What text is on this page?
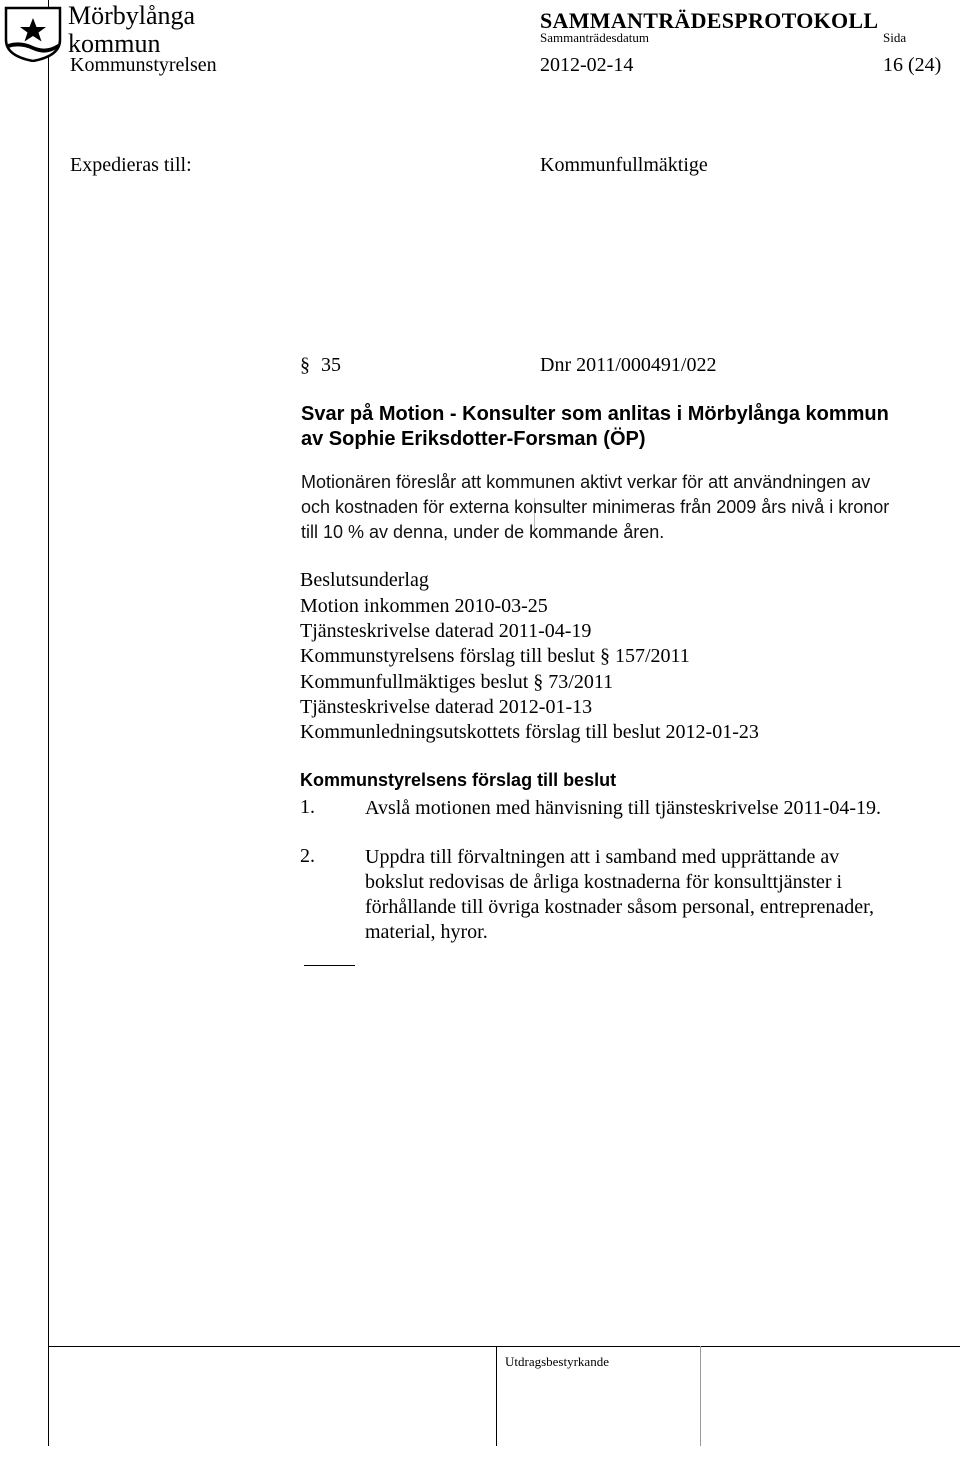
Mörbylånga
kommun
SAMMANTRÄDESPROTOKOLL
Sammanträdesdatum	Sida
Kommunstyrelsen	2012-02-14	16 (24)
Expedieras till:	Kommunfullmäktige
§ 35	Dnr 2011/000491/022
Svar på Motion - Konsulter som anlitas i Mörbylånga kommun
av Sophie Eriksdotter-Forsman (ÖP)
Motionären föreslår att kommunen aktivt verkar för att användningen av
och kostnaden för externa konsulter minimeras från 2009 års nivå i kronor
till 10 % av denna, under de kommande åren.
Beslutsunderlag
Motion inkommen 2010-03-25
Tjänsteskrivelse daterad 2011-04-19
Kommunstyrelsens förslag till beslut § 157/2011
Kommunfullmäktiges beslut § 73/2011
Tjänsteskrivelse daterad 2012-01-13
Kommunledningsutskottets förslag till beslut 2012-01-23
Kommunstyrelsens förslag till beslut
1.	Avslå motionen med hänvisning till tjänsteskrivelse 2011-04-19.
2.	Uppdra till förvaltningen att i samband med upprättande av
bokslut redovisas de årliga kostnaderna för konsulttjänster i
förhållande till övriga kostnader såsom personal, entreprenader,
material, hyror.
Utdragsbestyrkande
